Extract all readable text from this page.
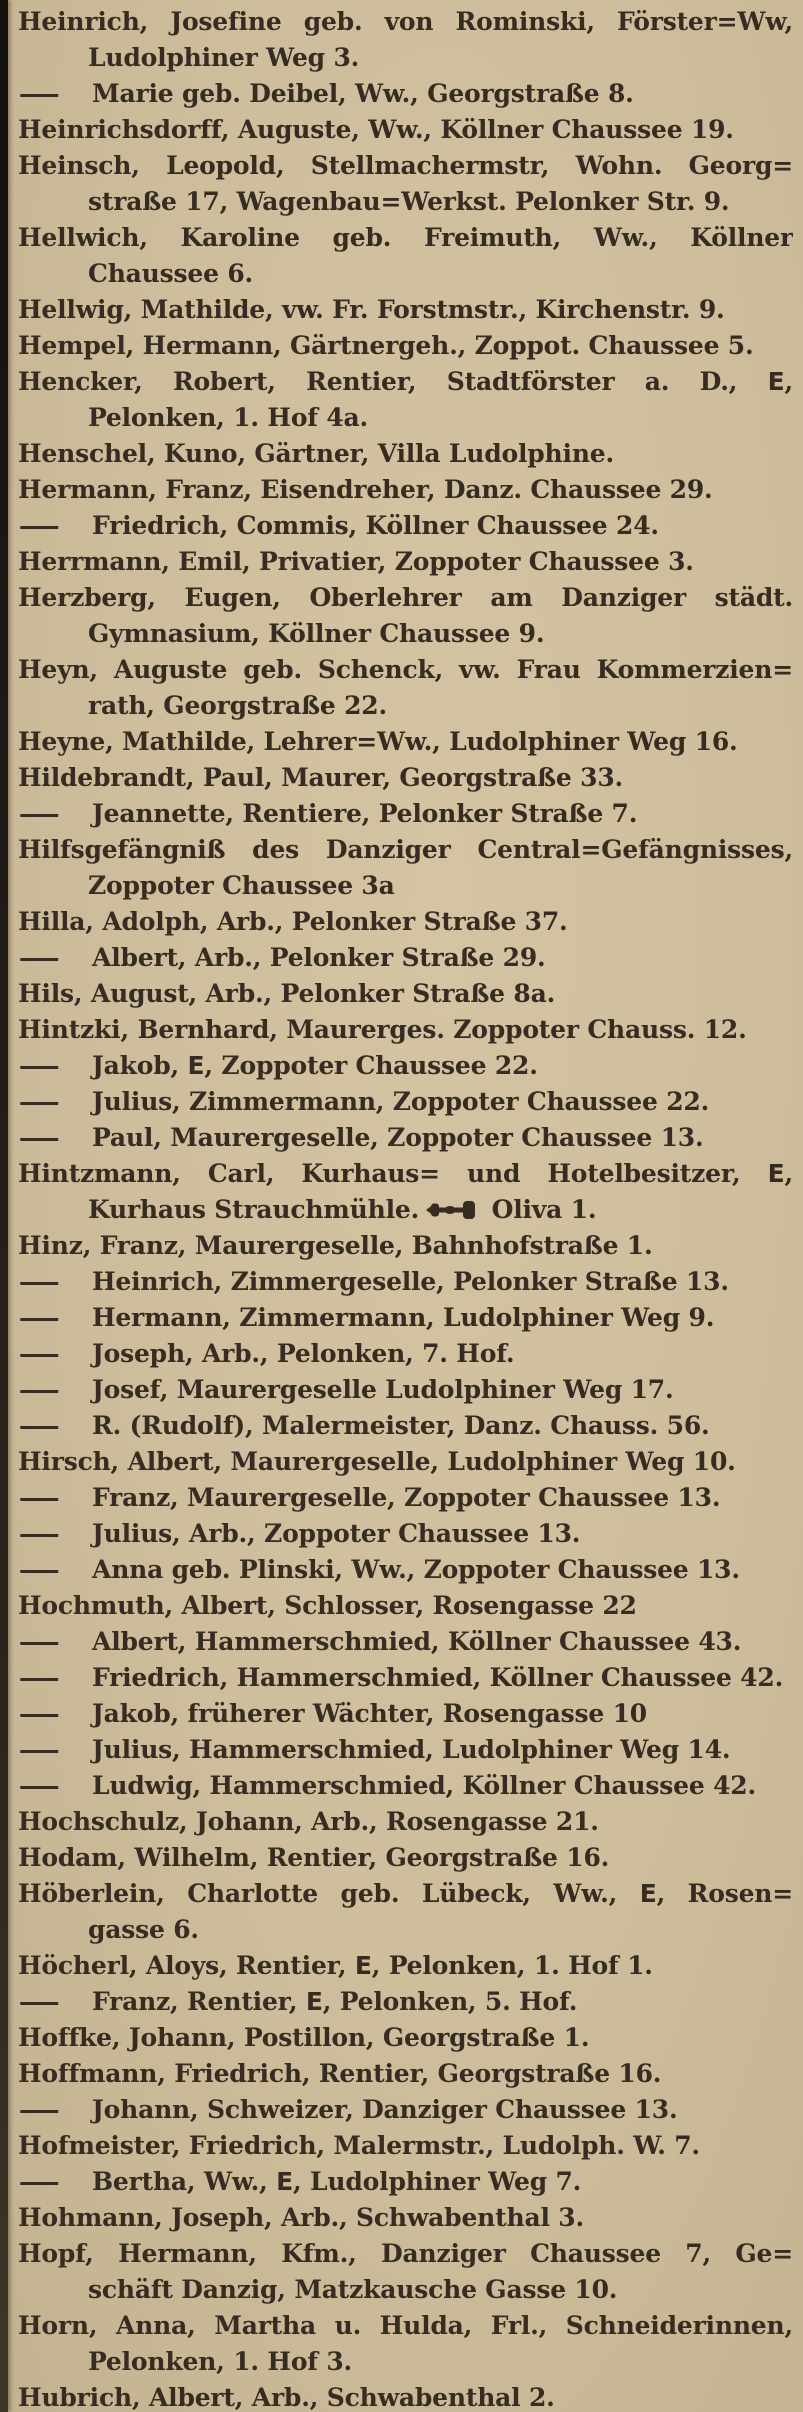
Heinrich, Josefine geb. von Rominski, Förster=Ww,
Ludolphiner Weg 3.
— Marie geb. Deibel, Ww., Georgstraße 8.
Heinrichsdorff, Auguste, Ww., Köllner Chaussee 19.
Heinsch, Leopold, Stellmachermstr, Wohn. Georg=
straße 17, Wagenbau=Werkst. Pelonker Str. 9.
Hellwich, Karoline geb. Freimuth, Ww., Köllner
Chaussee 6.
Hellwig, Mathilde, vw. Fr. Forstmstr., Kirchenstr. 9.
Hempel, Hermann, Gärtnergeh., Zoppot. Chaussee 5.
Hencker, Robert, Rentier, Stadtförster a. D., E,
Pelonken, 1. Hof 4a.
Henschel, Kuno, Gärtner, Villa Ludolphine.
Hermann, Franz, Eisendreher, Danz. Chaussee 29.
— Friedrich, Commis, Köllner Chaussee 24.
Herrmann, Emil, Privatier, Zoppoter Chaussee 3.
Herzberg, Eugen, Oberlehrer am Danziger städt.
Gymnasium, Köllner Chaussee 9.
Heyn, Auguste geb. Schenck, vw. Frau Kommerzien=
rath, Georgstraße 22.
Heyne, Mathilde, Lehrer=Ww., Ludolphiner Weg 16.
Hildebrandt, Paul, Maurer, Georgstraße 33.
— Jeannette, Rentiere, Pelonker Straße 7.
Hilfsgefängniß des Danziger Central=Gefängnisses,
Zoppoter Chaussee 3a
Hilla, Adolph, Arb., Pelonker Straße 37.
— Albert, Arb., Pelonker Straße 29.
Hils, August, Arb., Pelonker Straße 8a.
Hintzki, Bernhard, Maurerges. Zoppoter Chauss. 12.
— Jakob, E, Zoppoter Chaussee 22.
— Julius, Zimmermann, Zoppoter Chaussee 22.
— Paul, Maurergeselle, Zoppoter Chaussee 13.
Hintzmann, Carl, Kurhaus= und Hotelbesitzer, E,
Kurhaus Strauchmühle.	Oliva 1.
Hinz, Franz, Maurergeselle, Bahnhofstraße 1.
— Heinrich, Zimmergeselle, Pelonker Straße 13.
— Hermann, Zimmermann, Ludolphiner Weg 9.
— Joseph, Arb., Pelonken, 7. Hof.
— Josef, Maurergeselle Ludolphiner Weg 17.
— R. (Rudolf), Malermeister, Danz. Chauss. 56.
Hirsch, Albert, Maurergeselle, Ludolphiner Weg 10.
— Franz, Maurergeselle, Zoppoter Chaussee 13.
— Julius, Arb., Zoppoter Chaussee 13.
— Anna geb. Plinski, Ww., Zoppoter Chaussee 13.
Hochmuth, Albert, Schlosser, Rosengasse 22
— Albert, Hammerschmied, Köllner Chaussee 43.
— Friedrich, Hammerschmied, Köllner Chaussee 42.
— Jakob, früherer Wächter, Rosengasse 10
— Julius, Hammerschmied, Ludolphiner Weg 14.
— Ludwig, Hammerschmied, Köllner Chaussee 42.
Hochschulz, Johann, Arb., Rosengasse 21.
Hodam, Wilhelm, Rentier, Georgstraße 16.
Höberlein, Charlotte geb. Lübeck, Ww., E, Rosen=
gasse 6.
Höcherl, Aloys, Rentier, E, Pelonken, 1. Hof 1.
— Franz, Rentier, E, Pelonken, 5. Hof.
Hoffke, Johann, Postillon, Georgstraße 1.
Hoffmann, Friedrich, Rentier, Georgstraße 16.
— Johann, Schweizer, Danziger Chaussee 13.
Hofmeister, Friedrich, Malermstr., Ludolph. W. 7.
— Bertha, Ww., E, Ludolphiner Weg 7.
Hohmann, Joseph, Arb., Schwabenthal 3.
Hopf, Hermann, Kfm., Danziger Chaussee 7, Ge=
schäft Danzig, Matzkausche Gasse 10.
Horn, Anna, Martha u. Hulda, Frl., Schneiderinnen,
Pelonken, 1. Hof 3.
Hubrich, Albert, Arb., Schwabenthal 2.
